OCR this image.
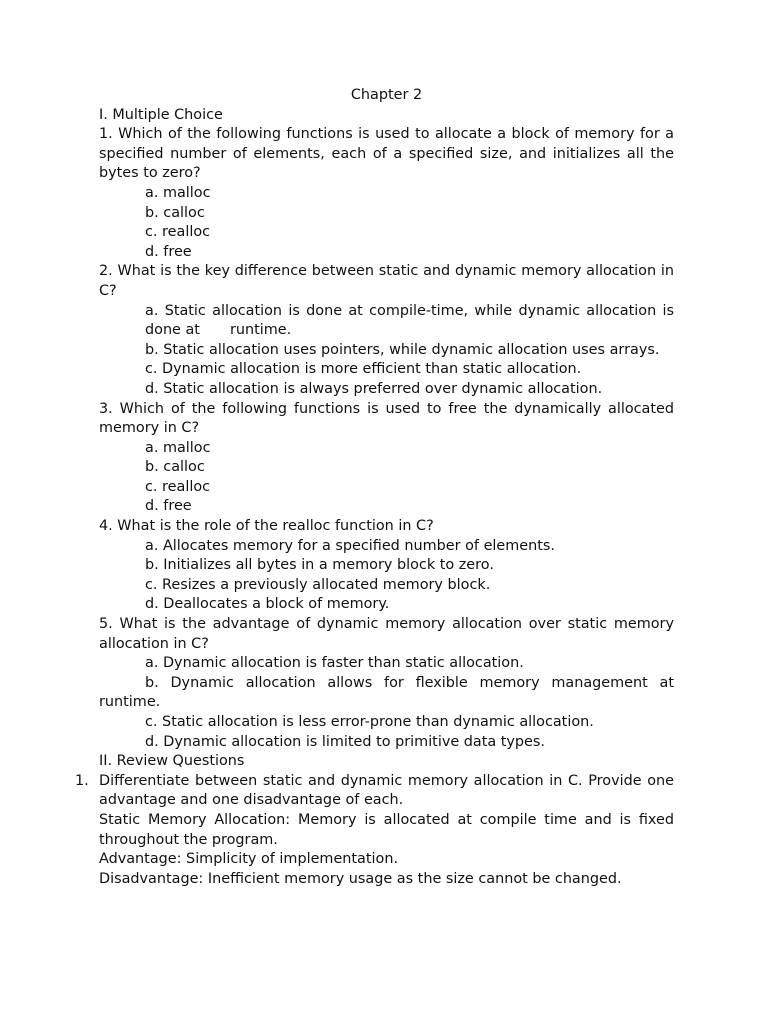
Chapter 2
I. Multiple Choice
1. Which of the following functions is used to allocate a block of memory for a specified number of elements, each of a specified size, and initializes all the bytes to zero?
a. malloc
b. calloc
c. realloc
d. free
2. What is the key difference between static and dynamic memory allocation in C?
a. Static allocation is done at compile-time, while dynamic allocation is done at runtime.
b. Static allocation uses pointers, while dynamic allocation uses arrays.
c. Dynamic allocation is more efficient than static allocation.
d. Static allocation is always preferred over dynamic allocation.
3. Which of the following functions is used to free the dynamically allocated memory in C?
a. malloc
b. calloc
c. realloc
d. free
4. What is the role of the realloc function in C?
a. Allocates memory for a specified number of elements.
b. Initializes all bytes in a memory block to zero.
c. Resizes a previously allocated memory block.
d. Deallocates a block of memory.
5. What is the advantage of dynamic memory allocation over static memory allocation in C?
a. Dynamic allocation is faster than static allocation.
b. Dynamic allocation allows for flexible memory management at runtime.
c. Static allocation is less error-prone than dynamic allocation.
d. Dynamic allocation is limited to primitive data types.
II. Review Questions
1. Differentiate between static and dynamic memory allocation in C. Provide one advantage and one disadvantage of each.
Static Memory Allocation: Memory is allocated at compile time and is fixed throughout the program.
Advantage: Simplicity of implementation.
Disadvantage: Inefficient memory usage as the size cannot be changed.
